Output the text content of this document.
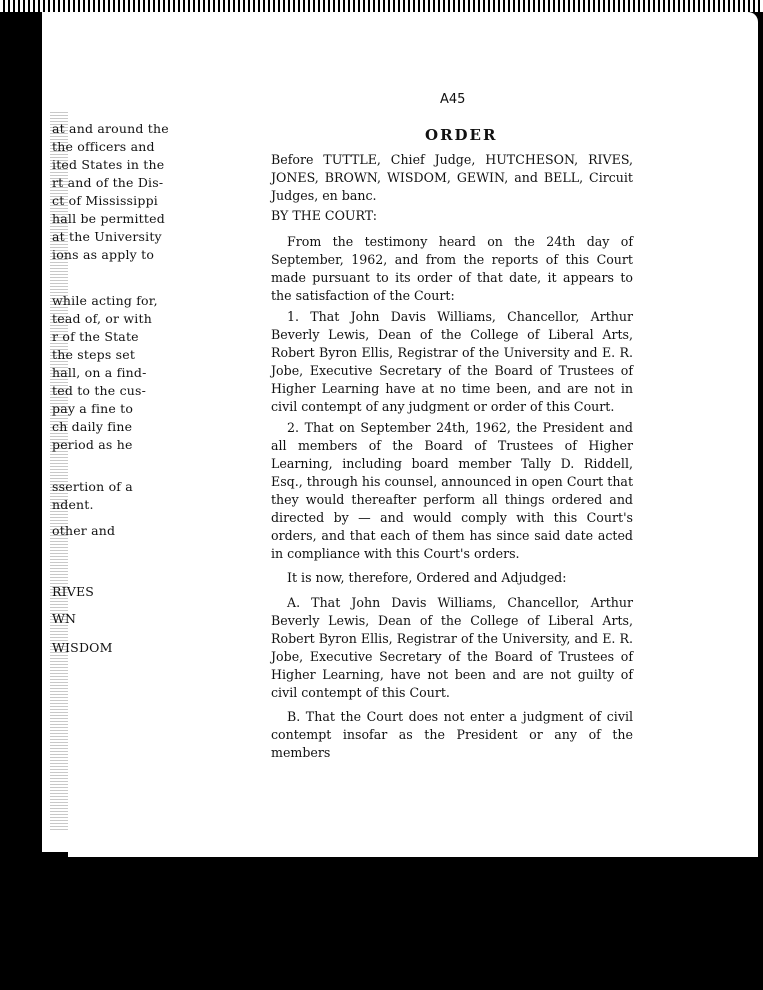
at and around the
the officers and
ited States in the
rt and of the Dis-
ct of Mississippi
hall be permitted
at the University
ions as apply to
while acting for,
tead of, or with
r of the State
the steps set
hall, on a find-
ted to the cus-
pay a fine to
ch daily fine
period as he
ssertion of a
ndent.
other and
RIVES
WN
WISDOM
A45
ORDER
Before TUTTLE, Chief Judge, HUTCHESON, RIVES, JONES, BROWN, WISDOM, GEWIN, and BELL, Circuit Judges, en banc.
BY THE COURT:
From the testimony heard on the 24th day of September, 1962, and from the reports of this Court made pursuant to its order of that date, it appears to the satisfaction of the Court:
1. That John Davis Williams, Chancellor, Arthur Beverly Lewis, Dean of the College of Liberal Arts, Robert Byron Ellis, Registrar of the University and E. R. Jobe, Executive Secretary of the Board of Trustees of Higher Learning have at no time been, and are not in civil contempt of any judgment or order of this Court.
2. That on September 24th, 1962, the President and all members of the Board of Trustees of Higher Learning, including board member Tally D. Riddell, Esq., through his counsel, announced in open Court that they would thereafter perform all things ordered and directed by — and would comply with this Court's orders, and that each of them has since said date acted in compliance with this Court's orders.
It is now, therefore, Ordered and Adjudged:
A. That John Davis Williams, Chancellor, Arthur Beverly Lewis, Dean of the College of Liberal Arts, Robert Byron Ellis, Registrar of the University, and E. R. Jobe, Executive Secretary of the Board of Trustees of Higher Learning, have not been and are not guilty of civil contempt of this Court.
B. That the Court does not enter a judgment of civil contempt insofar as the President or any of the members
